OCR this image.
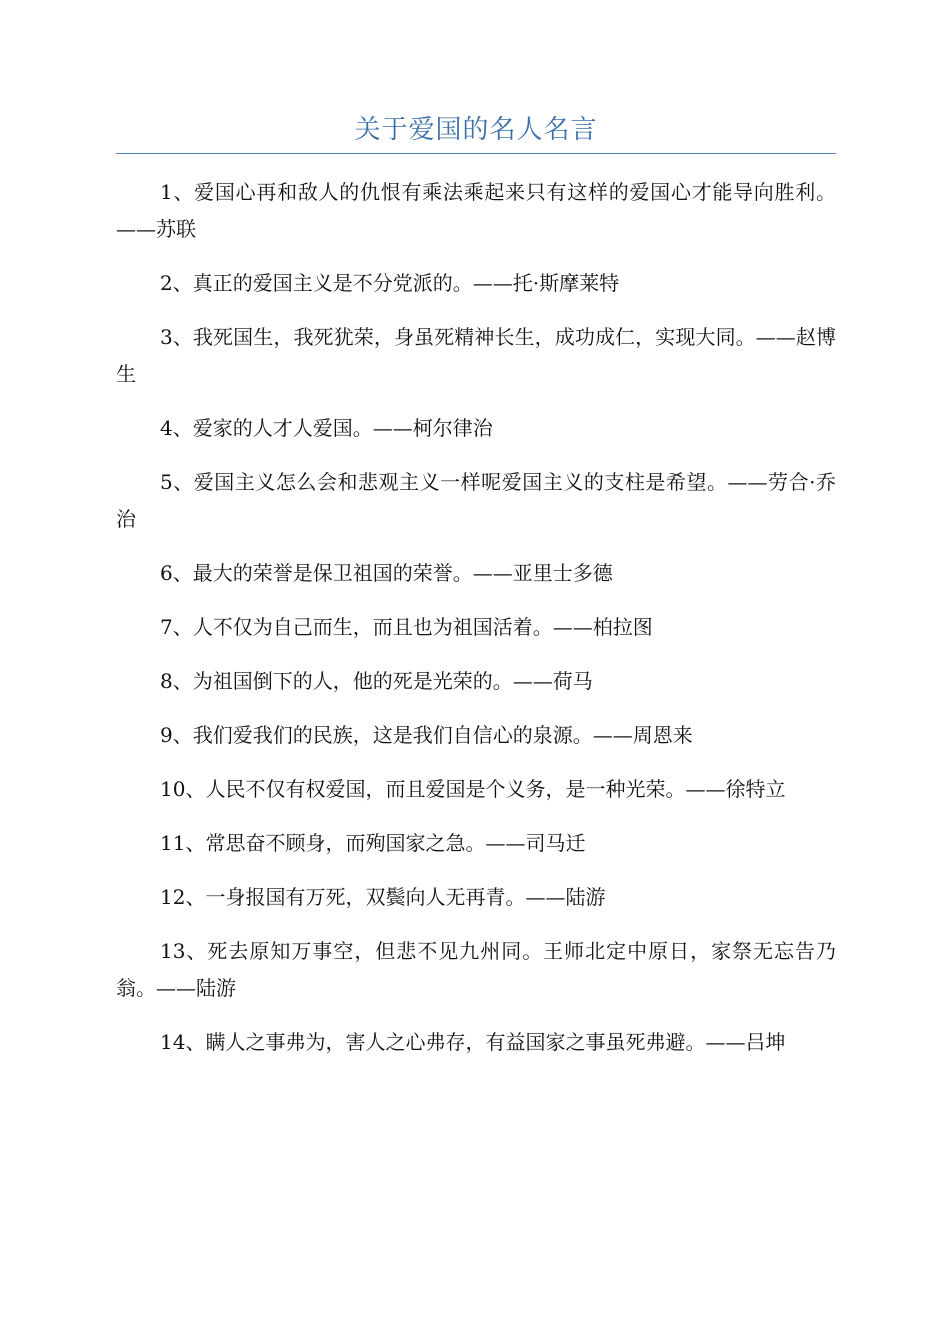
关于爱国的名人名言

1、爱国心再和敌人的仇恨有乘法乘起来只有这样的爱国心才能导向胜利。——苏联

2、真正的爱国主义是不分党派的。——托·斯摩莱特

3、我死国生，我死犹荣，身虽死精神长生，成功成仁，实现大同。——赵博生

4、爱家的人才人爱国。——柯尔律治

5、爱国主义怎么会和悲观主义一样呢爱国主义的支柱是希望。——劳合·乔治

6、最大的荣誉是保卫祖国的荣誉。——亚里士多德

7、人不仅为自己而生，而且也为祖国活着。——柏拉图

8、为祖国倒下的人，他的死是光荣的。——荷马

9、我们爱我们的民族，这是我们自信心的泉源。——周恩来

10、人民不仅有权爱国，而且爱国是个义务，是一种光荣。——徐特立

11、常思奋不顾身，而殉国家之急。——司马迁

12、一身报国有万死，双鬓向人无再青。——陆游

13、死去原知万事空，但悲不见九州同。王师北定中原日，家祭无忘告乃翁。——陆游

14、瞒人之事弗为，害人之心弗存，有益国家之事虽死弗避。——吕坤
